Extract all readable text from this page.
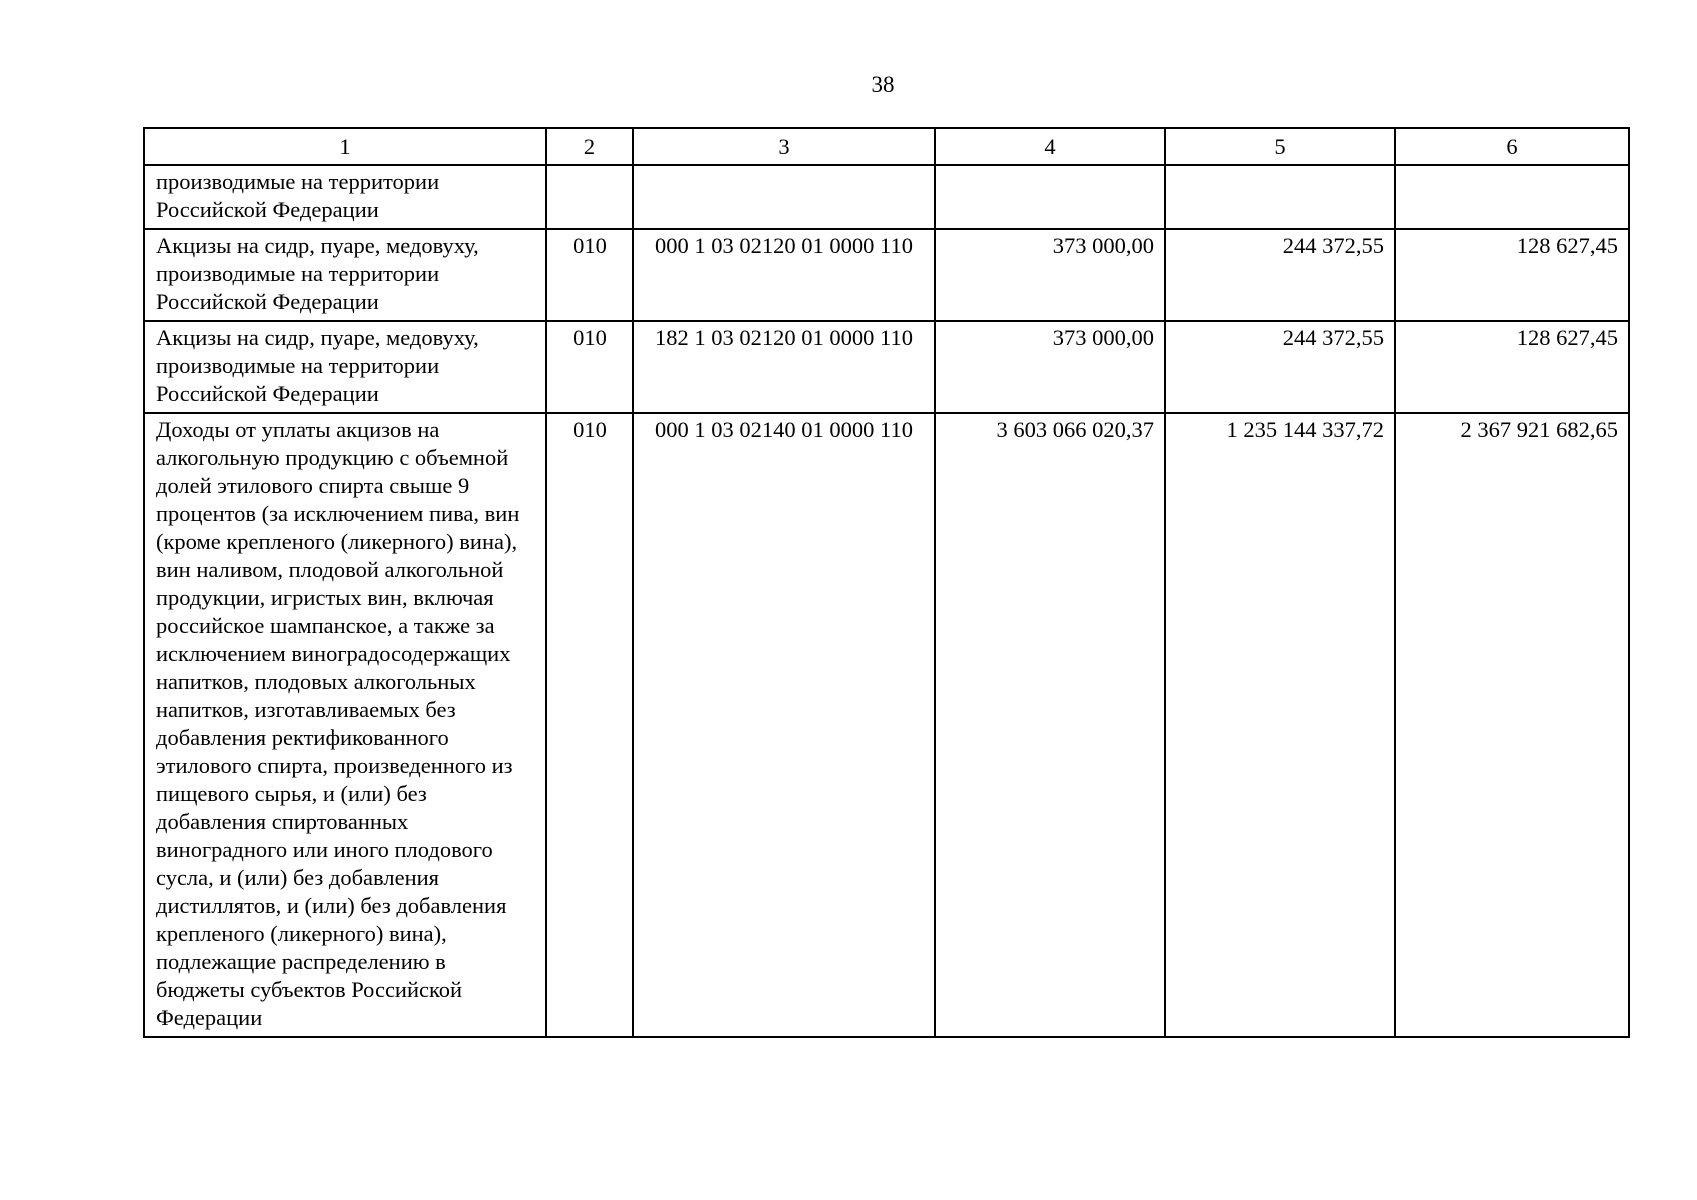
38
1	2	3	4	5	6
производимые на территории Российской Федерации					
Акцизы на сидр, пуаре, медовуху, производимые на территории Российской Федерации	010	000 1 03 02120 01 0000 110	373 000,00	244 372,55	128 627,45
Акцизы на сидр, пуаре, медовуху, производимые на территории Российской Федерации	010	182 1 03 02120 01 0000 110	373 000,00	244 372,55	128 627,45
Доходы от уплаты акцизов на алкогольную продукцию с объемной долей этилового спирта свыше 9 процентов (за исключением пива, вин (кроме крепленого (ликерного) вина), вин наливом, плодовой алкогольной продукции, игристых вин, включая российское шампанское, а также за исключением виноградосодержащих напитков, плодовых алкогольных напитков, изготавливаемых без добавления ректификованного этилового спирта, произведенного из пищевого сырья, и (или) без добавления спиртованных виноградного или иного плодового сусла, и (или) без добавления дистиллятов, и (или) без добавления крепленого (ликерного) вина), подлежащие распределению в бюджеты субъектов Российской Федерации	010	000 1 03 02140 01 0000 110	3 603 066 020,37	1 235 144 337,72	2 367 921 682,65
